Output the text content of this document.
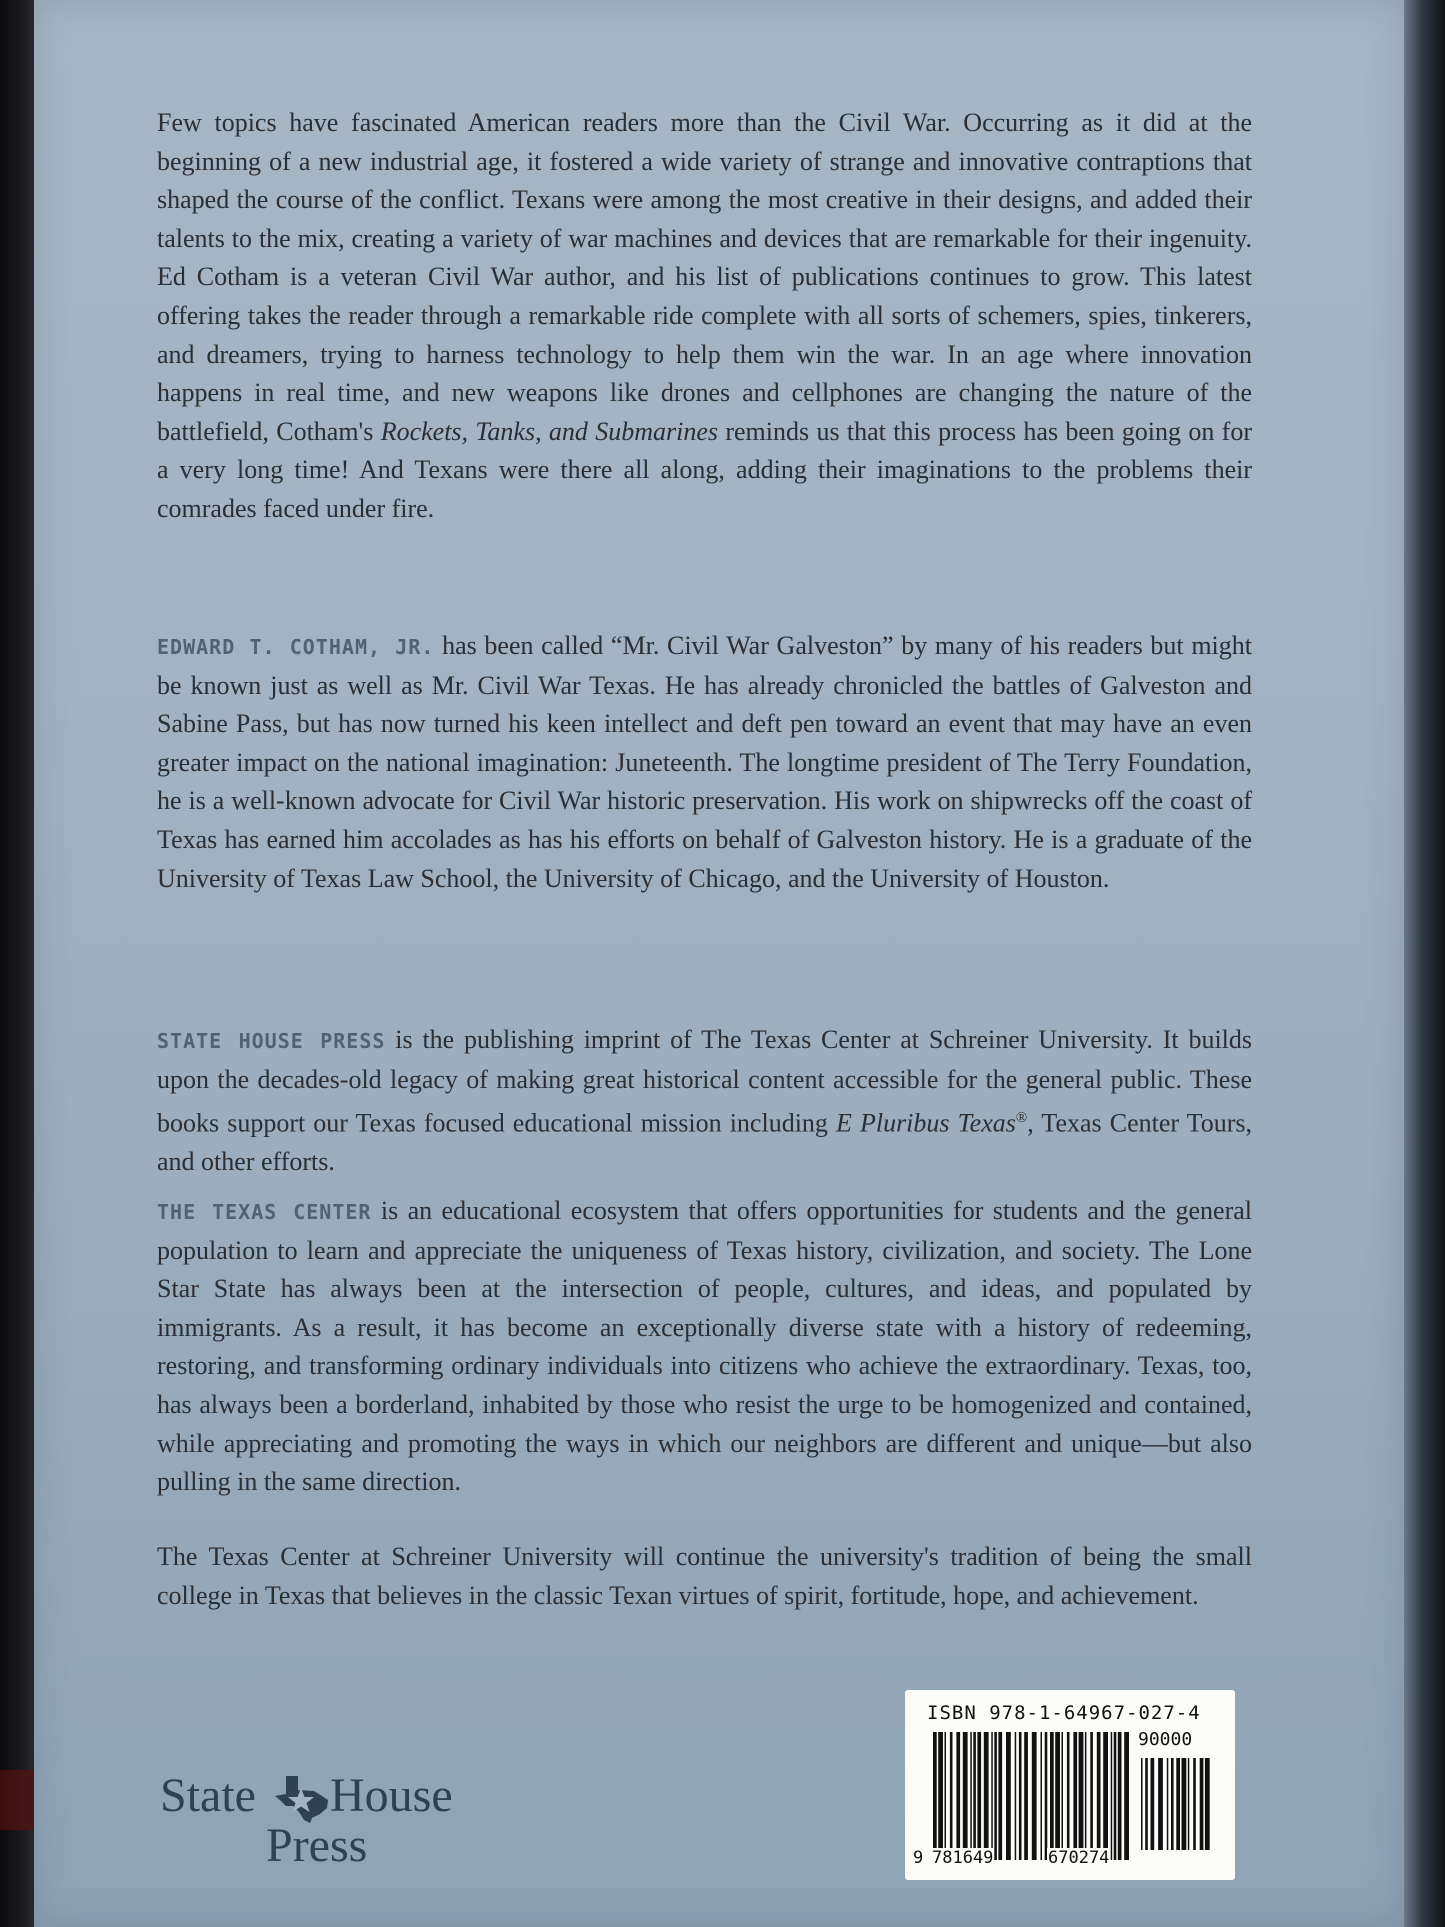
Few topics have fascinated American readers more than the Civil War. Occurring as it did at the beginning of a new industrial age, it fostered a wide variety of strange and innovative contraptions that shaped the course of the conflict. Texans were among the most creative in their designs, and added their talents to the mix, creating a variety of war machines and devices that are remarkable for their ingenuity. Ed Cotham is a veteran Civil War author, and his list of publications continues to grow. This latest offering takes the reader through a remarkable ride complete with all sorts of schemers, spies, tinkerers, and dreamers, trying to harness technology to help them win the war. In an age where innovation happens in real time, and new weapons like drones and cellphones are changing the nature of the battlefield, Cotham's Rockets, Tanks, and Submarines reminds us that this process has been going on for a very long time! And Texans were there all along, adding their imaginations to the problems their comrades faced under fire.

EDWARD T. COTHAM, JR. has been called “Mr. Civil War Galveston” by many of his readers but might be known just as well as Mr. Civil War Texas. He has already chronicled the battles of Galveston and Sabine Pass, but has now turned his keen intellect and deft pen toward an event that may have an even greater impact on the national imagination: Juneteenth. The longtime president of The Terry Foundation, he is a well-known advocate for Civil War historic preservation. His work on shipwrecks off the coast of Texas has earned him accolades as has his efforts on behalf of Galveston history. He is a graduate of the University of Texas Law School, the University of Chicago, and the University of Houston.

STATE HOUSE PRESS is the publishing imprint of The Texas Center at Schreiner University. It builds upon the decades-old legacy of making great historical content accessible for the general public. These books support our Texas focused educational mission including E Pluribus Texas®, Texas Center Tours, and other efforts.

THE TEXAS CENTER is an educational ecosystem that offers opportunities for students and the general population to learn and appreciate the uniqueness of Texas history, civilization, and society. The Lone Star State has always been at the intersection of people, cultures, and ideas, and populated by immigrants. As a result, it has become an exceptionally diverse state with a history of redeeming, restoring, and transforming ordinary individuals into citizens who achieve the extraordinary. Texas, too, has always been a borderland, inhabited by those who resist the urge to be homogenized and contained, while appreciating and promoting the ways in which our neighbors are different and unique—but also pulling in the same direction.

The Texas Center at Schreiner University will continue the university's tradition of being the small college in Texas that believes in the classic Texan virtues of spirit, fortitude, hope, and achievement.

State House
Press
ISBN 978-1-64967-027-4
90000
9 781649	670274
